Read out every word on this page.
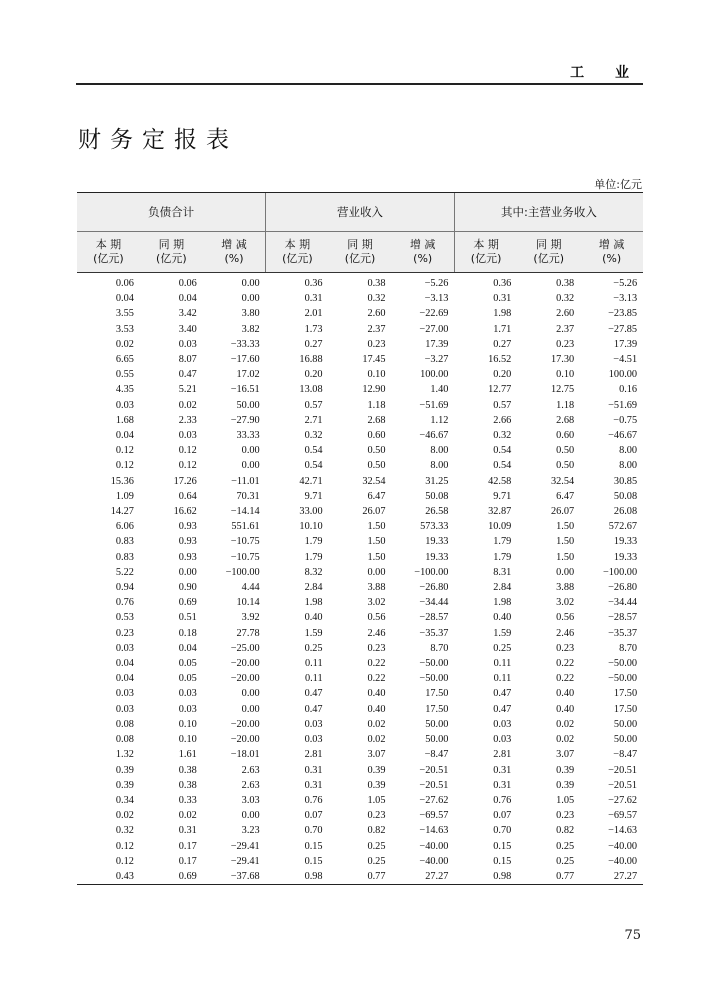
工 业
财务定报表
单位:亿元
负债合计			营业收入			其中:主营业务收入		

本 期
(亿元)	同 期
(亿元)	增 减
(%)	本 期
(亿元)	同 期
(亿元)	增 减
(%)	本 期
(亿元)	同 期
(亿元)	增 减
(%)

0.06	0.06	0.00	0.36	0.38	−5.26	0.36	0.38	−5.26
0.04	0.04	0.00	0.31	0.32	−3.13	0.31	0.32	−3.13
3.55	3.42	3.80	2.01	2.60	−22.69	1.98	2.60	−23.85
3.53	3.40	3.82	1.73	2.37	−27.00	1.71	2.37	−27.85
0.02	0.03	−33.33	0.27	0.23	17.39	0.27	0.23	17.39
6.65	8.07	−17.60	16.88	17.45	−3.27	16.52	17.30	−4.51
0.55	0.47	17.02	0.20	0.10	100.00	0.20	0.10	100.00
4.35	5.21	−16.51	13.08	12.90	1.40	12.77	12.75	0.16
0.03	0.02	50.00	0.57	1.18	−51.69	0.57	1.18	−51.69
1.68	2.33	−27.90	2.71	2.68	1.12	2.66	2.68	−0.75
0.04	0.03	33.33	0.32	0.60	−46.67	0.32	0.60	−46.67
0.12	0.12	0.00	0.54	0.50	8.00	0.54	0.50	8.00
0.12	0.12	0.00	0.54	0.50	8.00	0.54	0.50	8.00
15.36	17.26	−11.01	42.71	32.54	31.25	42.58	32.54	30.85
1.09	0.64	70.31	9.71	6.47	50.08	9.71	6.47	50.08
14.27	16.62	−14.14	33.00	26.07	26.58	32.87	26.07	26.08
6.06	0.93	551.61	10.10	1.50	573.33	10.09	1.50	572.67
0.83	0.93	−10.75	1.79	1.50	19.33	1.79	1.50	19.33
0.83	0.93	−10.75	1.79	1.50	19.33	1.79	1.50	19.33
5.22	0.00	−100.00	8.32	0.00	−100.00	8.31	0.00	−100.00
0.94	0.90	4.44	2.84	3.88	−26.80	2.84	3.88	−26.80
0.76	0.69	10.14	1.98	3.02	−34.44	1.98	3.02	−34.44
0.53	0.51	3.92	0.40	0.56	−28.57	0.40	0.56	−28.57
0.23	0.18	27.78	1.59	2.46	−35.37	1.59	2.46	−35.37
0.03	0.04	−25.00	0.25	0.23	8.70	0.25	0.23	8.70
0.04	0.05	−20.00	0.11	0.22	−50.00	0.11	0.22	−50.00
0.04	0.05	−20.00	0.11	0.22	−50.00	0.11	0.22	−50.00
0.03	0.03	0.00	0.47	0.40	17.50	0.47	0.40	17.50
0.03	0.03	0.00	0.47	0.40	17.50	0.47	0.40	17.50
0.08	0.10	−20.00	0.03	0.02	50.00	0.03	0.02	50.00
0.08	0.10	−20.00	0.03	0.02	50.00	0.03	0.02	50.00
1.32	1.61	−18.01	2.81	3.07	−8.47	2.81	3.07	−8.47
0.39	0.38	2.63	0.31	0.39	−20.51	0.31	0.39	−20.51
0.39	0.38	2.63	0.31	0.39	−20.51	0.31	0.39	−20.51
0.34	0.33	3.03	0.76	1.05	−27.62	0.76	1.05	−27.62
0.02	0.02	0.00	0.07	0.23	−69.57	0.07	0.23	−69.57
0.32	0.31	3.23	0.70	0.82	−14.63	0.70	0.82	−14.63
0.12	0.17	−29.41	0.15	0.25	−40.00	0.15	0.25	−40.00
0.12	0.17	−29.41	0.15	0.25	−40.00	0.15	0.25	−40.00
0.43	0.69	−37.68	0.98	0.77	27.27	0.98	0.77	27.27
75
